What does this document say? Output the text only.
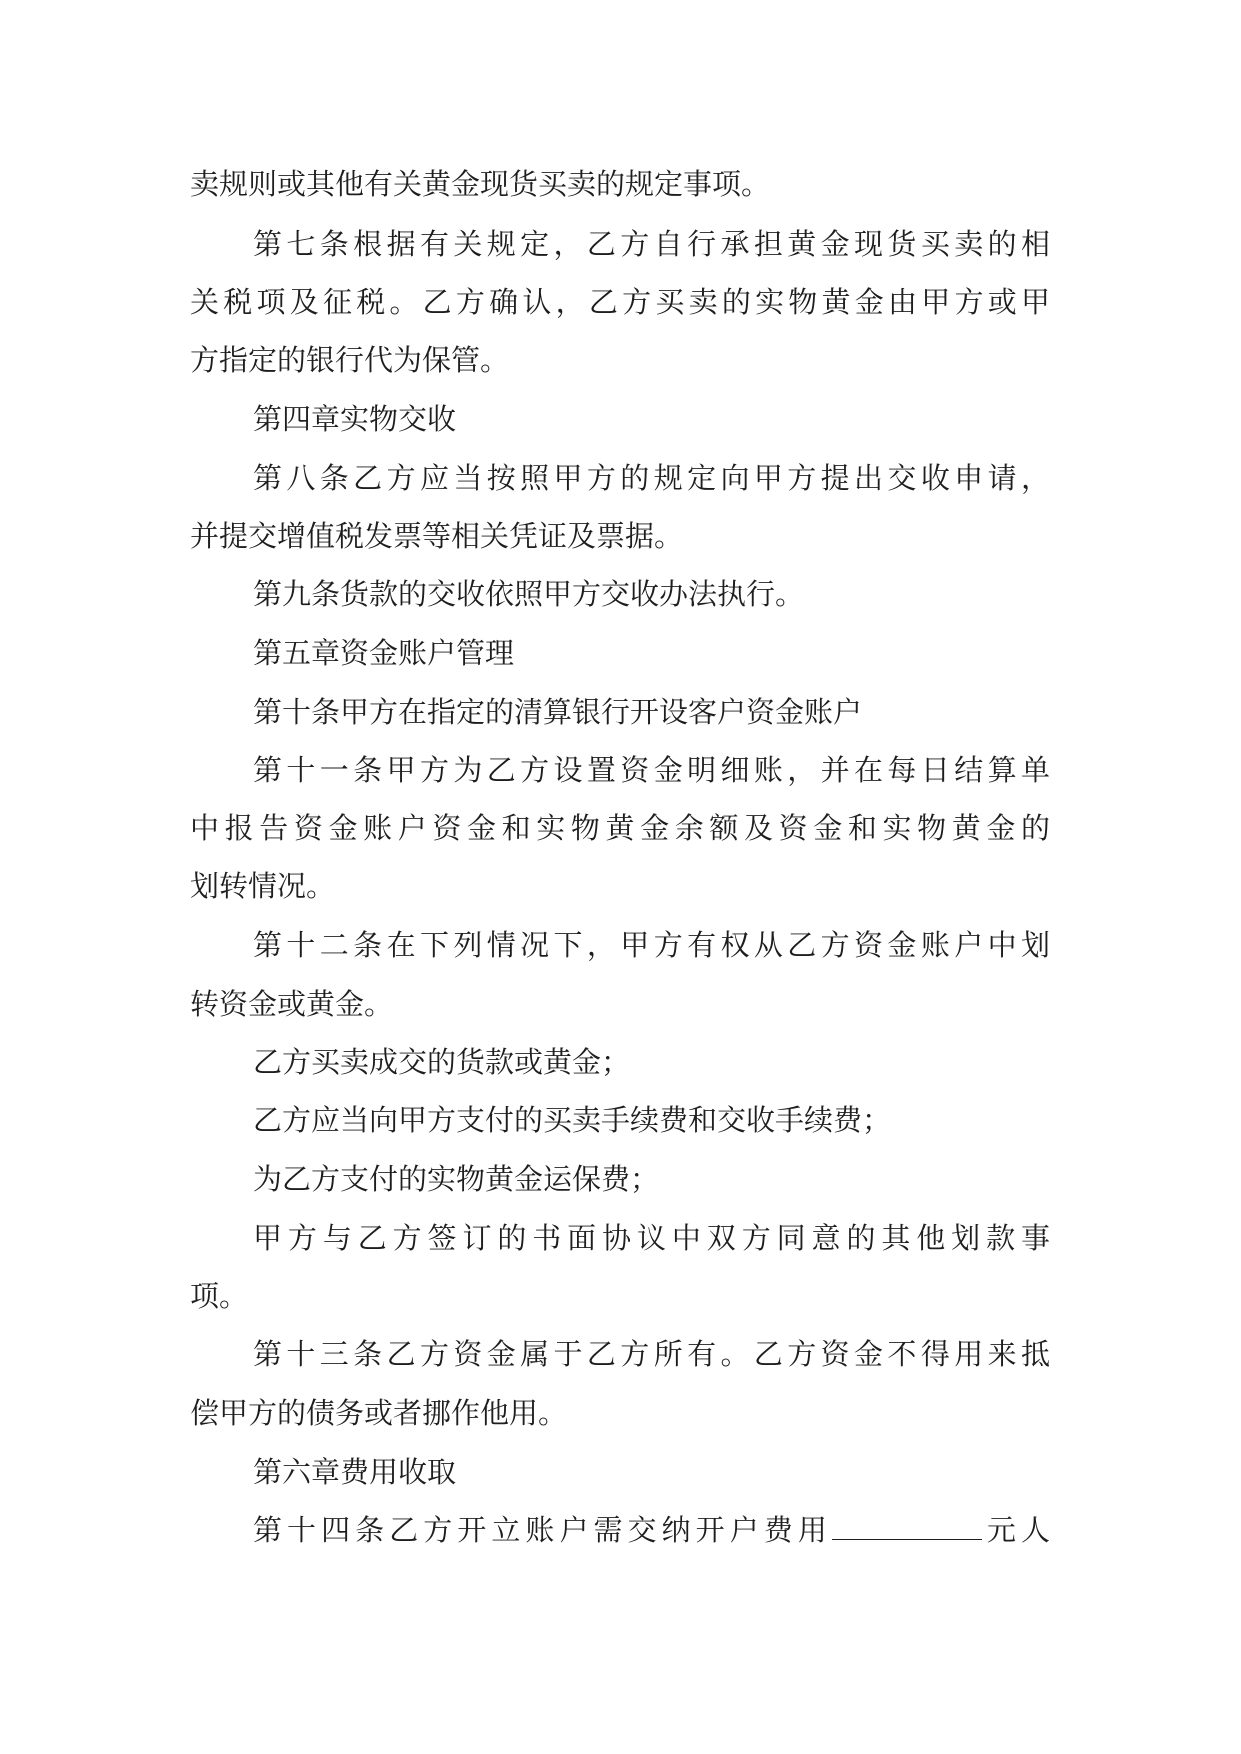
卖规则或其他有关黄金现货买卖的规定事项。

第七条根据有关规定，乙方自行承担黄金现货买卖的相

关税项及征税。乙方确认，乙方买卖的实物黄金由甲方或甲

方指定的银行代为保管。

第四章实物交收

第八条乙方应当按照甲方的规定向甲方提出交收申请，

并提交增值税发票等相关凭证及票据。

第九条货款的交收依照甲方交收办法执行。

第五章资金账户管理

第十条甲方在指定的清算银行开设客户资金账户

第十一条甲方为乙方设置资金明细账，并在每日结算单

中报告资金账户资金和实物黄金余额及资金和实物黄金的

划转情况。

第十二条在下列情况下，甲方有权从乙方资金账户中划

转资金或黄金。

乙方买卖成交的货款或黄金；

乙方应当向甲方支付的买卖手续费和交收手续费；

为乙方支付的实物黄金运保费；

甲方与乙方签订的书面协议中双方同意的其他划款事

项。

第十三条乙方资金属于乙方所有。乙方资金不得用来抵

偿甲方的债务或者挪作他用。

第六章费用收取

第十四条乙方开立账户需交纳开户费用	元人
